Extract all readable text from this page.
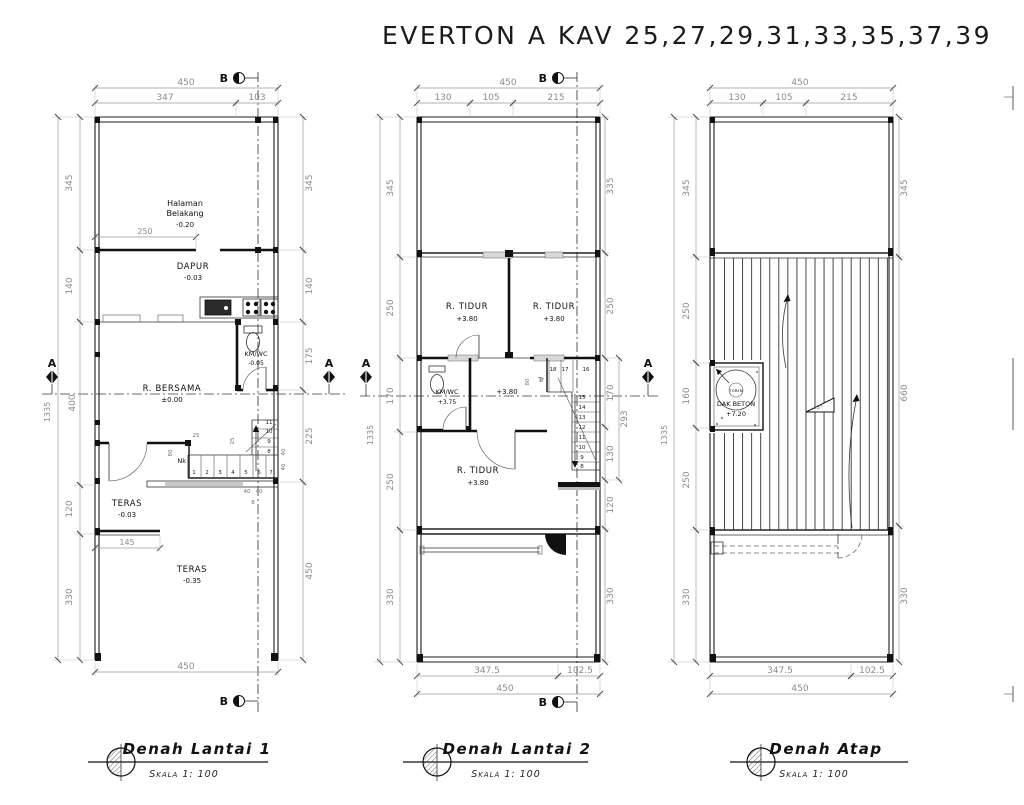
EVERTON A KAV 25,27,29,31,33,35,37,39
Halaman
Belakang
-0.20
DAPUR
-0.03
KM/WC
-0.05
R. BERSAMA
±0.00
TERAS
-0.03
TERAS
-0.35
Nk
1 2 3 4 5 6 7
8
9
10
11
25
25
80	40
40
40 40
8
450
347	103
345
140
400
120
330
1335
345
140
175
225
450
450
250
145
B
B
A	A
R. TIDUR
+3.80
R. TIDUR
+3.80
R. TIDUR
+3.80
KM/WC
+3.75
+3.80
Tr
80
18 17	16
15
14
13
12
11
10
9
8
450
130	105	215
345
250
170
250
330
1335
335
250
170
130
120
330
293
347.5	102.5
450
B
B
A	A
TOREN
DAK BETON
+7.20
15°
450
130	105	215
345
250
160
250
330
1335
345
660
330
347.5	102.5
450
Denah Lantai 1
Skala 1: 100
Denah Lantai 2
Skala 1: 100
Denah Atap
Skala 1: 100
